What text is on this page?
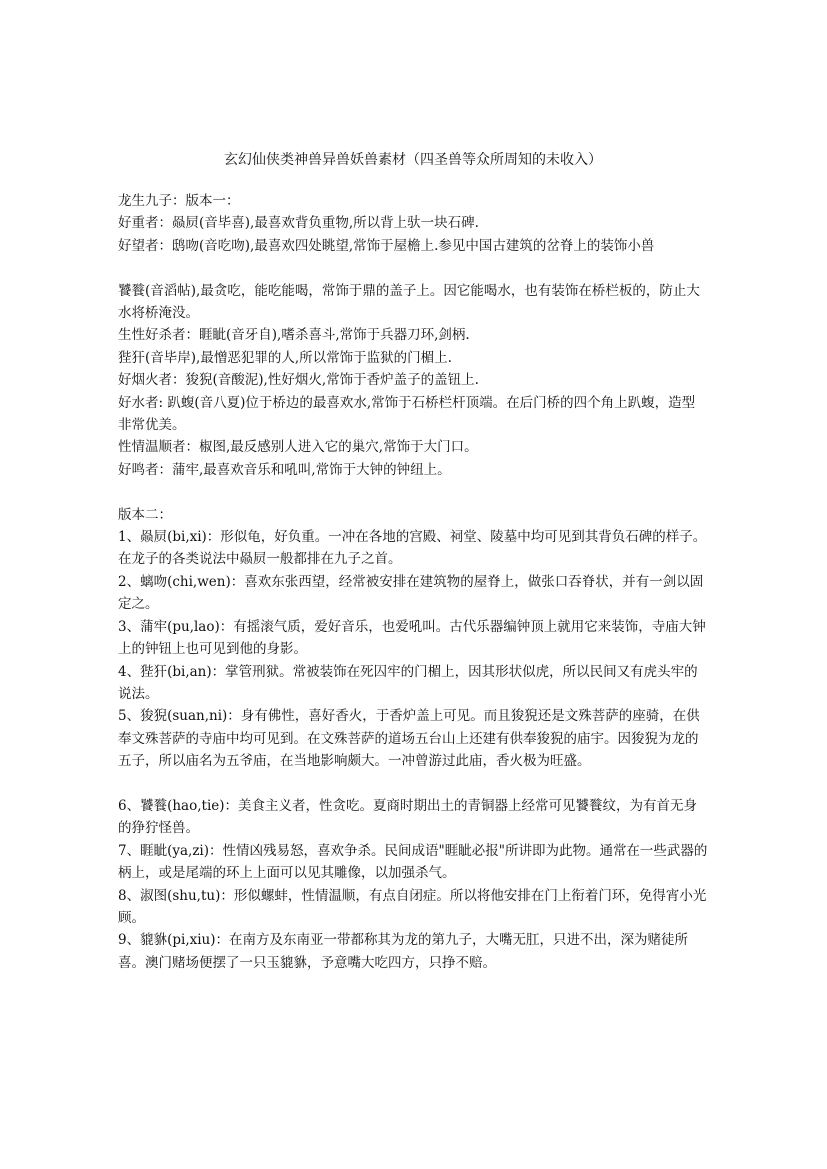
玄幻仙侠类神兽异兽妖兽素材（四圣兽等众所周知的未收入）

龙生九子：版本一：

好重者：赑屃(音毕喜),最喜欢背负重物,所以背上驮一块石碑.

好望者：鸱吻(音吃吻),最喜欢四处眺望,常饰于屋檐上.参见中国古建筑的岔脊上的装饰小兽

饕餮(音滔帖),最贪吃，能吃能喝，常饰于鼎的盖子上。因它能喝水，也有装饰在桥栏板的，防止大水将桥淹没。

生性好杀者：睚眦(音牙自),嗜杀喜斗,常饰于兵器刀环,剑柄.

狴犴(音毕岸),最憎恶犯罪的人,所以常饰于监狱的门楣上.

好烟火者：狻猊(音酸泥),性好烟火,常饰于香炉盖子的盖钮上.

好水者: 趴蝮(音八夏)位于桥边的最喜欢水,常饰于石桥栏杆顶端。在后门桥的四个角上趴蝮，造型非常优美。

性情温顺者：椒图,最反感别人进入它的巢穴,常饰于大门口。

好鸣者：蒲牢,最喜欢音乐和吼叫,常饰于大钟的钟纽上。

版本二：

1、赑屃(bi,xi)：形似龟，好负重。一冲在各地的宫殿、祠堂、陵墓中均可见到其背负石碑的样子。在龙子的各类说法中赑屃一般都排在九子之首。

2、螭吻(chi,wen)：喜欢东张西望，经常被安排在建筑物的屋脊上，做张口吞脊状，并有一剑以固定之。

3、蒲牢(pu,lao)：有摇滚气质，爱好音乐，也爱吼叫。古代乐器编钟顶上就用它来装饰，寺庙大钟上的钟钮上也可见到他的身影。

4、狴犴(bi,an)：掌管刑狱。常被装饰在死囚牢的门楣上，因其形状似虎，所以民间又有虎头牢的说法。

5、狻猊(suan,ni)：身有佛性，喜好香火，于香炉盖上可见。而且狻猊还是文殊菩萨的座骑，在供奉文殊菩萨的寺庙中均可见到。在文殊菩萨的道场五台山上还建有供奉狻猊的庙宇。因狻猊为龙的五子，所以庙名为五爷庙，在当地影响颇大。一冲曾游过此庙，香火极为旺盛。

6、饕餮(hao,tie)：美食主义者，性贪吃。夏商时期出土的青铜器上经常可见饕餮纹，为有首无身的狰狞怪兽。

7、睚眦(ya,zi)：性情凶残易怒，喜欢争杀。民间成语"睚眦必报"所讲即为此物。通常在一些武器的柄上，或是尾端的环上上面可以见其雕像，以加强杀气。

8、淑图(shu,tu)：形似螺蚌，性情温顺，有点自闭症。所以将他安排在门上衔着门环，免得宵小光顾。

9、貔貅(pi,xiu)：在南方及东南亚一带都称其为龙的第九子，大嘴无肛，只进不出，深为赌徒所喜。澳门赌场便摆了一只玉貔貅，予意嘴大吃四方，只挣不赔。
